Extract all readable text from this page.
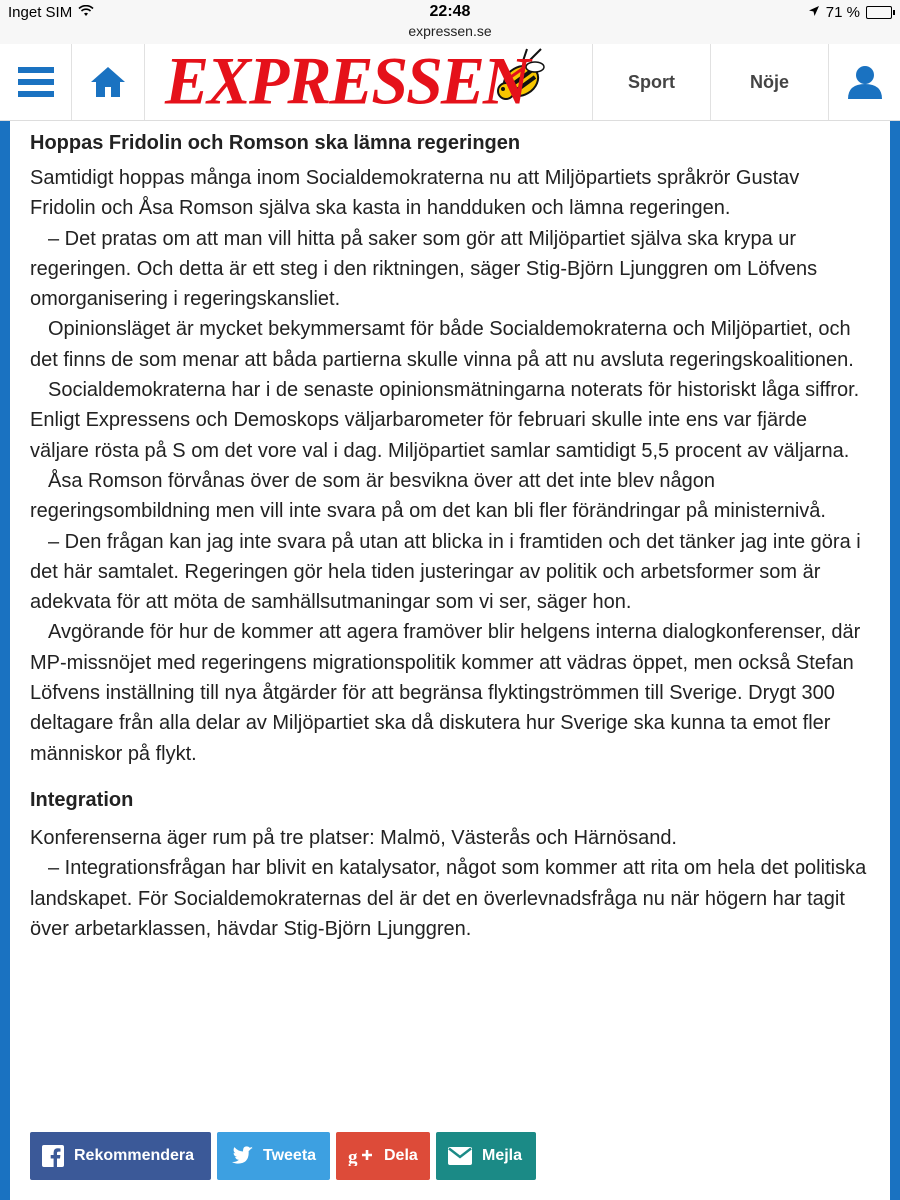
Inget SIM	22:48
expressen.se
71 %
EXPRESSEN	Sport	Nöje
Hoppas Fridolin och Romson ska lämna regeringen

Samtidigt hoppas många inom Socialdemokraterna nu att Miljöpartiets språkrör Gustav Fridolin och Åsa Romson själva ska kasta in handduken och lämna regeringen.

– Det pratas om att man vill hitta på saker som gör att Miljöpartiet själva ska krypa ur regeringen. Och detta är ett steg i den riktningen, säger Stig-Björn Ljunggren om Löfvens omorganisering i regeringskansliet.

Opinionsläget är mycket bekymmersamt för både Socialdemokraterna och Miljöpartiet, och det finns de som menar att båda partierna skulle vinna på att nu avsluta regeringskoalitionen.

Socialdemokraterna har i de senaste opinionsmätningarna noterats för historiskt låga siffror. Enligt Expressens och Demoskops väljarbarometer för februari skulle inte ens var fjärde väljare rösta på S om det vore val i dag. Miljöpartiet samlar samtidigt 5,5 procent av väljarna.

Åsa Romson förvånas över de som är besvikna över att det inte blev någon regeringsombildning men vill inte svara på om det kan bli fler förändringar på ministernivå.

– Den frågan kan jag inte svara på utan att blicka in i framtiden och det tänker jag inte göra i det här samtalet. Regeringen gör hela tiden justeringar av politik och arbetsformer som är adekvata för att möta de samhällsutmaningar som vi ser, säger hon.

Avgörande för hur de kommer att agera framöver blir helgens interna dialogkonferenser, där MP-missnöjet med regeringens migrationspolitik kommer att vädras öppet, men också Stefan Löfvens inställning till nya åtgärder för att begränsa flyktingströmmen till Sverige. Drygt 300 deltagare från alla delar av Miljöpartiet ska då diskutera hur Sverige ska kunna ta emot fler människor på flykt.

Integration

Konferenserna äger rum på tre platser: Malmö, Västerås och Härnösand.

– Integrationsfrågan har blivit en katalysator, något som kommer att rita om hela det politiska landskapet. För Socialdemokraternas del är det en överlevnadsfråga nu när högern har tagit över arbetarklassen, hävdar Stig-Björn Ljunggren.

Rekommendera	Tweeta g Dela	Mejla
